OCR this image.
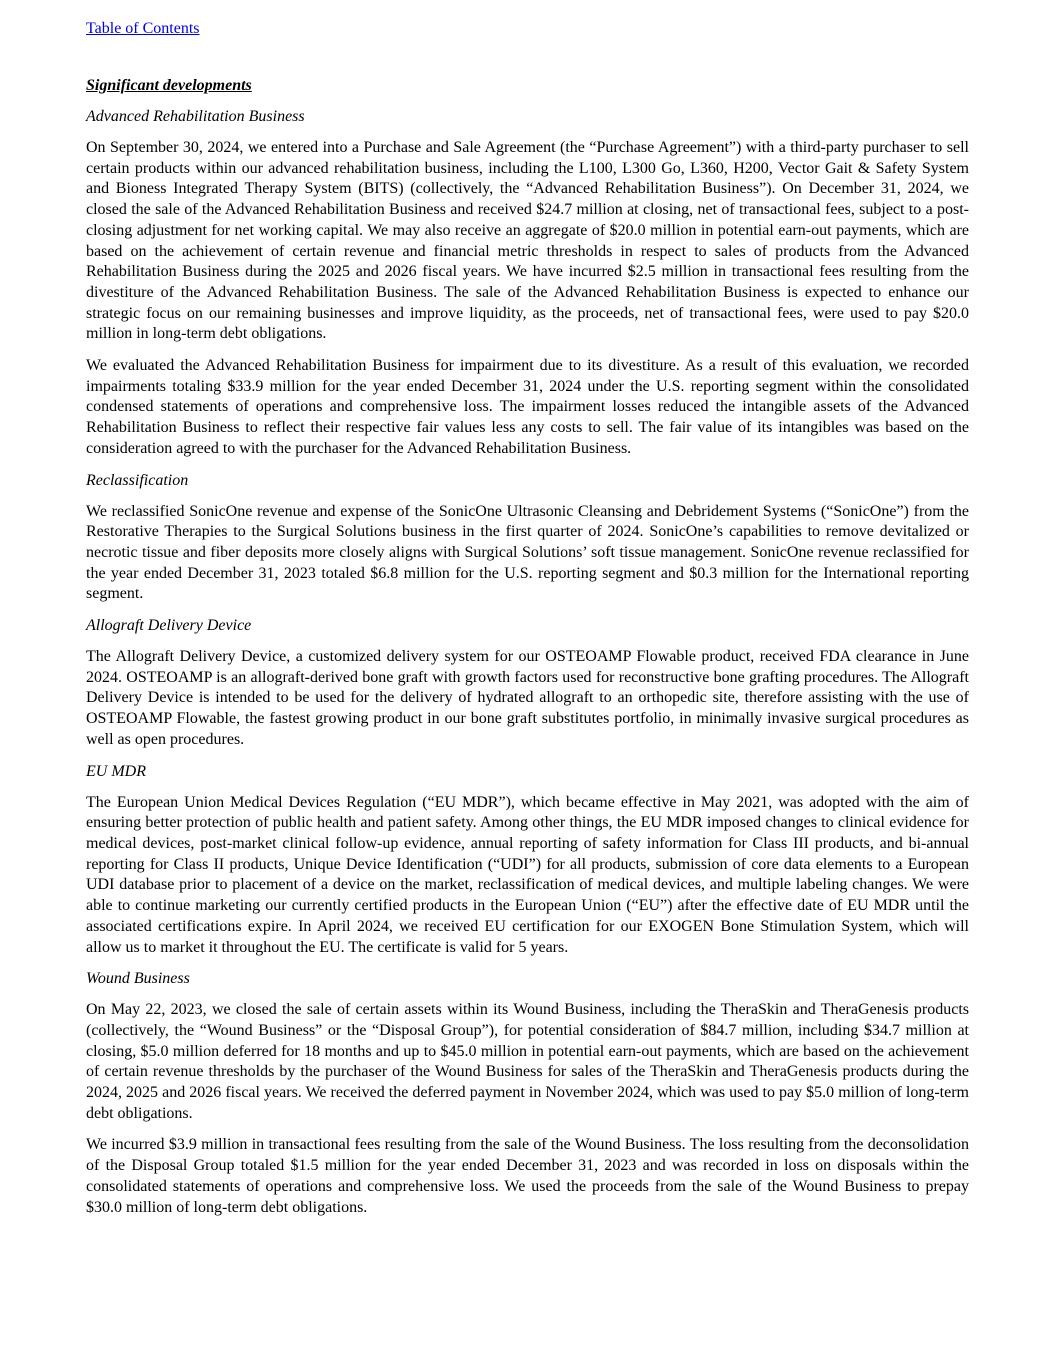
Table of Contents
Significant developments
Advanced Rehabilitation Business

On September 30, 2024, we entered into a Purchase and Sale Agreement (the “Purchase Agreement”) with a third-party purchaser to sell certain products within our advanced rehabilitation business, including the L100, L300 Go, L360, H200, Vector Gait & Safety System and Bioness Integrated Therapy System (BITS) (collectively, the “Advanced Rehabilitation Business”). On December 31, 2024, we closed the sale of the Advanced Rehabilitation Business and received $24.7 million at closing, net of transactional fees, subject to a post-closing adjustment for net working capital. We may also receive an aggregate of $20.0 million in potential earn-out payments, which are based on the achievement of certain revenue and financial metric thresholds in respect to sales of products from the Advanced Rehabilitation Business during the 2025 and 2026 fiscal years. We have incurred $2.5 million in transactional fees resulting from the divestiture of the Advanced Rehabilitation Business. The sale of the Advanced Rehabilitation Business is expected to enhance our strategic focus on our remaining businesses and improve liquidity, as the proceeds, net of transactional fees, were used to pay $20.0 million in long-term debt obligations.

We evaluated the Advanced Rehabilitation Business for impairment due to its divestiture. As a result of this evaluation, we recorded impairments totaling $33.9 million for the year ended December 31, 2024 under the U.S. reporting segment within the consolidated condensed statements of operations and comprehensive loss. The impairment losses reduced the intangible assets of the Advanced Rehabilitation Business to reflect their respective fair values less any costs to sell. The fair value of its intangibles was based on the consideration agreed to with the purchaser for the Advanced Rehabilitation Business.

Reclassification

We reclassified SonicOne revenue and expense of the SonicOne Ultrasonic Cleansing and Debridement Systems (“SonicOne”) from the Restorative Therapies to the Surgical Solutions business in the first quarter of 2024. SonicOne’s capabilities to remove devitalized or necrotic tissue and fiber deposits more closely aligns with Surgical Solutions’ soft tissue management. SonicOne revenue reclassified for the year ended December 31, 2023 totaled $6.8 million for the U.S. reporting segment and $0.3 million for the International reporting segment.

Allograft Delivery Device

The Allograft Delivery Device, a customized delivery system for our OSTEOAMP Flowable product, received FDA clearance in June 2024. OSTEOAMP is an allograft-derived bone graft with growth factors used for reconstructive bone grafting procedures. The Allograft Delivery Device is intended to be used for the delivery of hydrated allograft to an orthopedic site, therefore assisting with the use of OSTEOAMP Flowable, the fastest growing product in our bone graft substitutes portfolio, in minimally invasive surgical procedures as well as open procedures.

EU MDR

The European Union Medical Devices Regulation (“EU MDR”), which became effective in May 2021, was adopted with the aim of ensuring better protection of public health and patient safety. Among other things, the EU MDR imposed changes to clinical evidence for medical devices, post-market clinical follow-up evidence, annual reporting of safety information for Class III products, and bi-annual reporting for Class II products, Unique Device Identification (“UDI”) for all products, submission of core data elements to a European UDI database prior to placement of a device on the market, reclassification of medical devices, and multiple labeling changes. We were able to continue marketing our currently certified products in the European Union (“EU”) after the effective date of EU MDR until the associated certifications expire. In April 2024, we received EU certification for our EXOGEN Bone Stimulation System, which will allow us to market it throughout the EU. The certificate is valid for 5 years.

Wound Business

On May 22, 2023, we closed the sale of certain assets within its Wound Business, including the TheraSkin and TheraGenesis products (collectively, the “Wound Business” or the “Disposal Group”), for potential consideration of $84.7 million, including $34.7 million at closing, $5.0 million deferred for 18 months and up to $45.0 million in potential earn-out payments, which are based on the achievement of certain revenue thresholds by the purchaser of the Wound Business for sales of the TheraSkin and TheraGenesis products during the 2024, 2025 and 2026 fiscal years. We received the deferred payment in November 2024, which was used to pay $5.0 million of long-term debt obligations.

We incurred $3.9 million in transactional fees resulting from the sale of the Wound Business. The loss resulting from the deconsolidation of the Disposal Group totaled $1.5 million for the year ended December 31, 2023 and was recorded in loss on disposals within the consolidated statements of operations and comprehensive loss. We used the proceeds from the sale of the Wound Business to prepay $30.0 million of long-term debt obligations.
